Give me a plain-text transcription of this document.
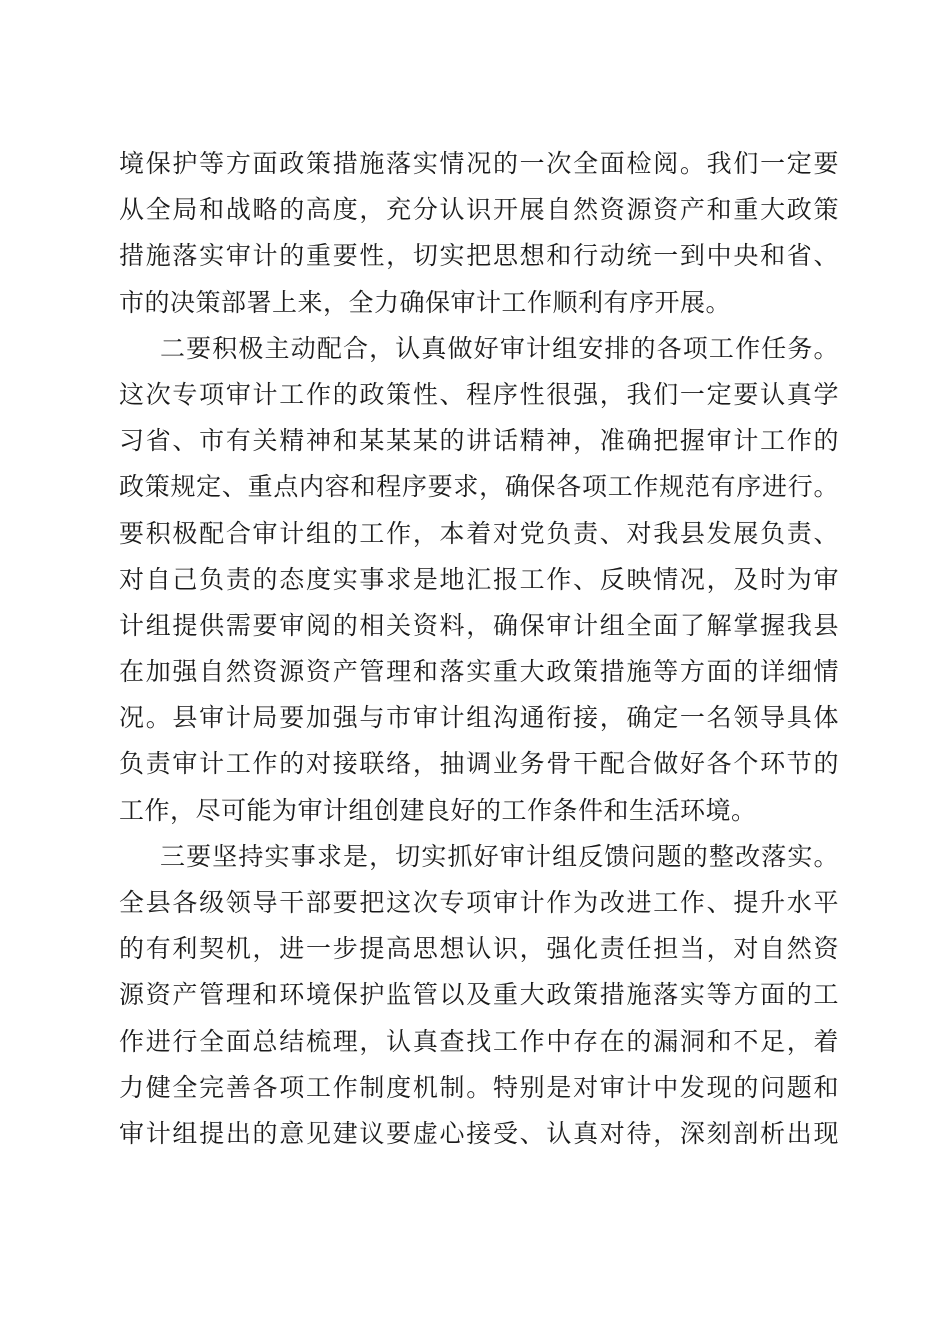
境保护等方面政策措施落实情况的一次全面检阅。我们一定要
从全局和战略的高度，充分认识开展自然资源资产和重大政策
措施落实审计的重要性，切实把思想和行动统一到中央和省、
市的决策部署上来，全力确保审计工作顺利有序开展。
二要积极主动配合，认真做好审计组安排的各项工作任务。
这次专项审计工作的政策性、程序性很强，我们一定要认真学
习省、市有关精神和某某某的讲话精神，准确把握审计工作的
政策规定、重点内容和程序要求，确保各项工作规范有序进行。
要积极配合审计组的工作，本着对党负责、对我县发展负责、
对自己负责的态度实事求是地汇报工作、反映情况，及时为审
计组提供需要审阅的相关资料，确保审计组全面了解掌握我县
在加强自然资源资产管理和落实重大政策措施等方面的详细情
况。县审计局要加强与市审计组沟通衔接，确定一名领导具体
负责审计工作的对接联络，抽调业务骨干配合做好各个环节的
工作，尽可能为审计组创建良好的工作条件和生活环境。
三要坚持实事求是，切实抓好审计组反馈问题的整改落实。
全县各级领导干部要把这次专项审计作为改进工作、提升水平
的有利契机，进一步提高思想认识，强化责任担当，对自然资
源资产管理和环境保护监管以及重大政策措施落实等方面的工
作进行全面总结梳理，认真查找工作中存在的漏洞和不足，着
力健全完善各项工作制度机制。特别是对审计中发现的问题和
审计组提出的意见建议要虚心接受、认真对待，深刻剖析出现
